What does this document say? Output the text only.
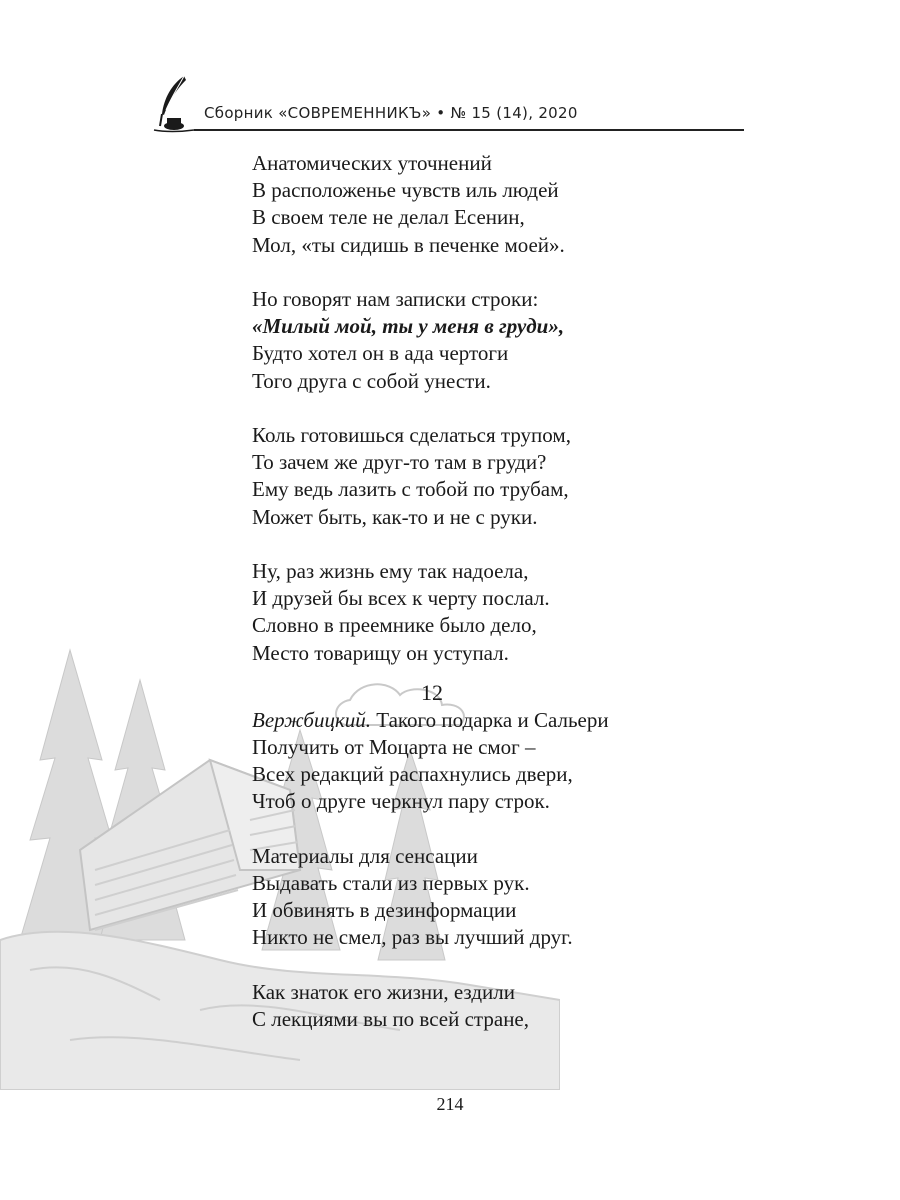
Сборник «СОВРЕМЕННИКЪ» • № 15 (14), 2020
Анатомических уточнений
В расположенье чувств иль людей
В своем теле не делал Есенин,
Мол, «ты сидишь в печенке моей».
Но говорят нам записки строки:
«Милый мой, ты у меня в груди»,
Будто хотел он в ада чертоги
Того друга с собой унести.
Коль готовишься сделаться трупом,
То зачем же друг-то там в груди?
Ему ведь лазить с тобой по трубам,
Может быть, как-то и не с руки.
Ну, раз жизнь ему так надоела,
И друзей бы всех к черту послал.
Словно в преемнике было дело,
Место товарищу он уступал.
12
Вержбицкий. Такого подарка и Сальери
Получить от Моцарта не смог –
Всех редакций распахнулись двери,
Чтоб о друге черкнул пару строк.
Материалы для сенсации
Выдавать стали из первых рук.
И обвинять в дезинформации
Никто не смел, раз вы лучший друг.
Как знаток его жизни, ездили
С лекциями вы по всей стране,
214
